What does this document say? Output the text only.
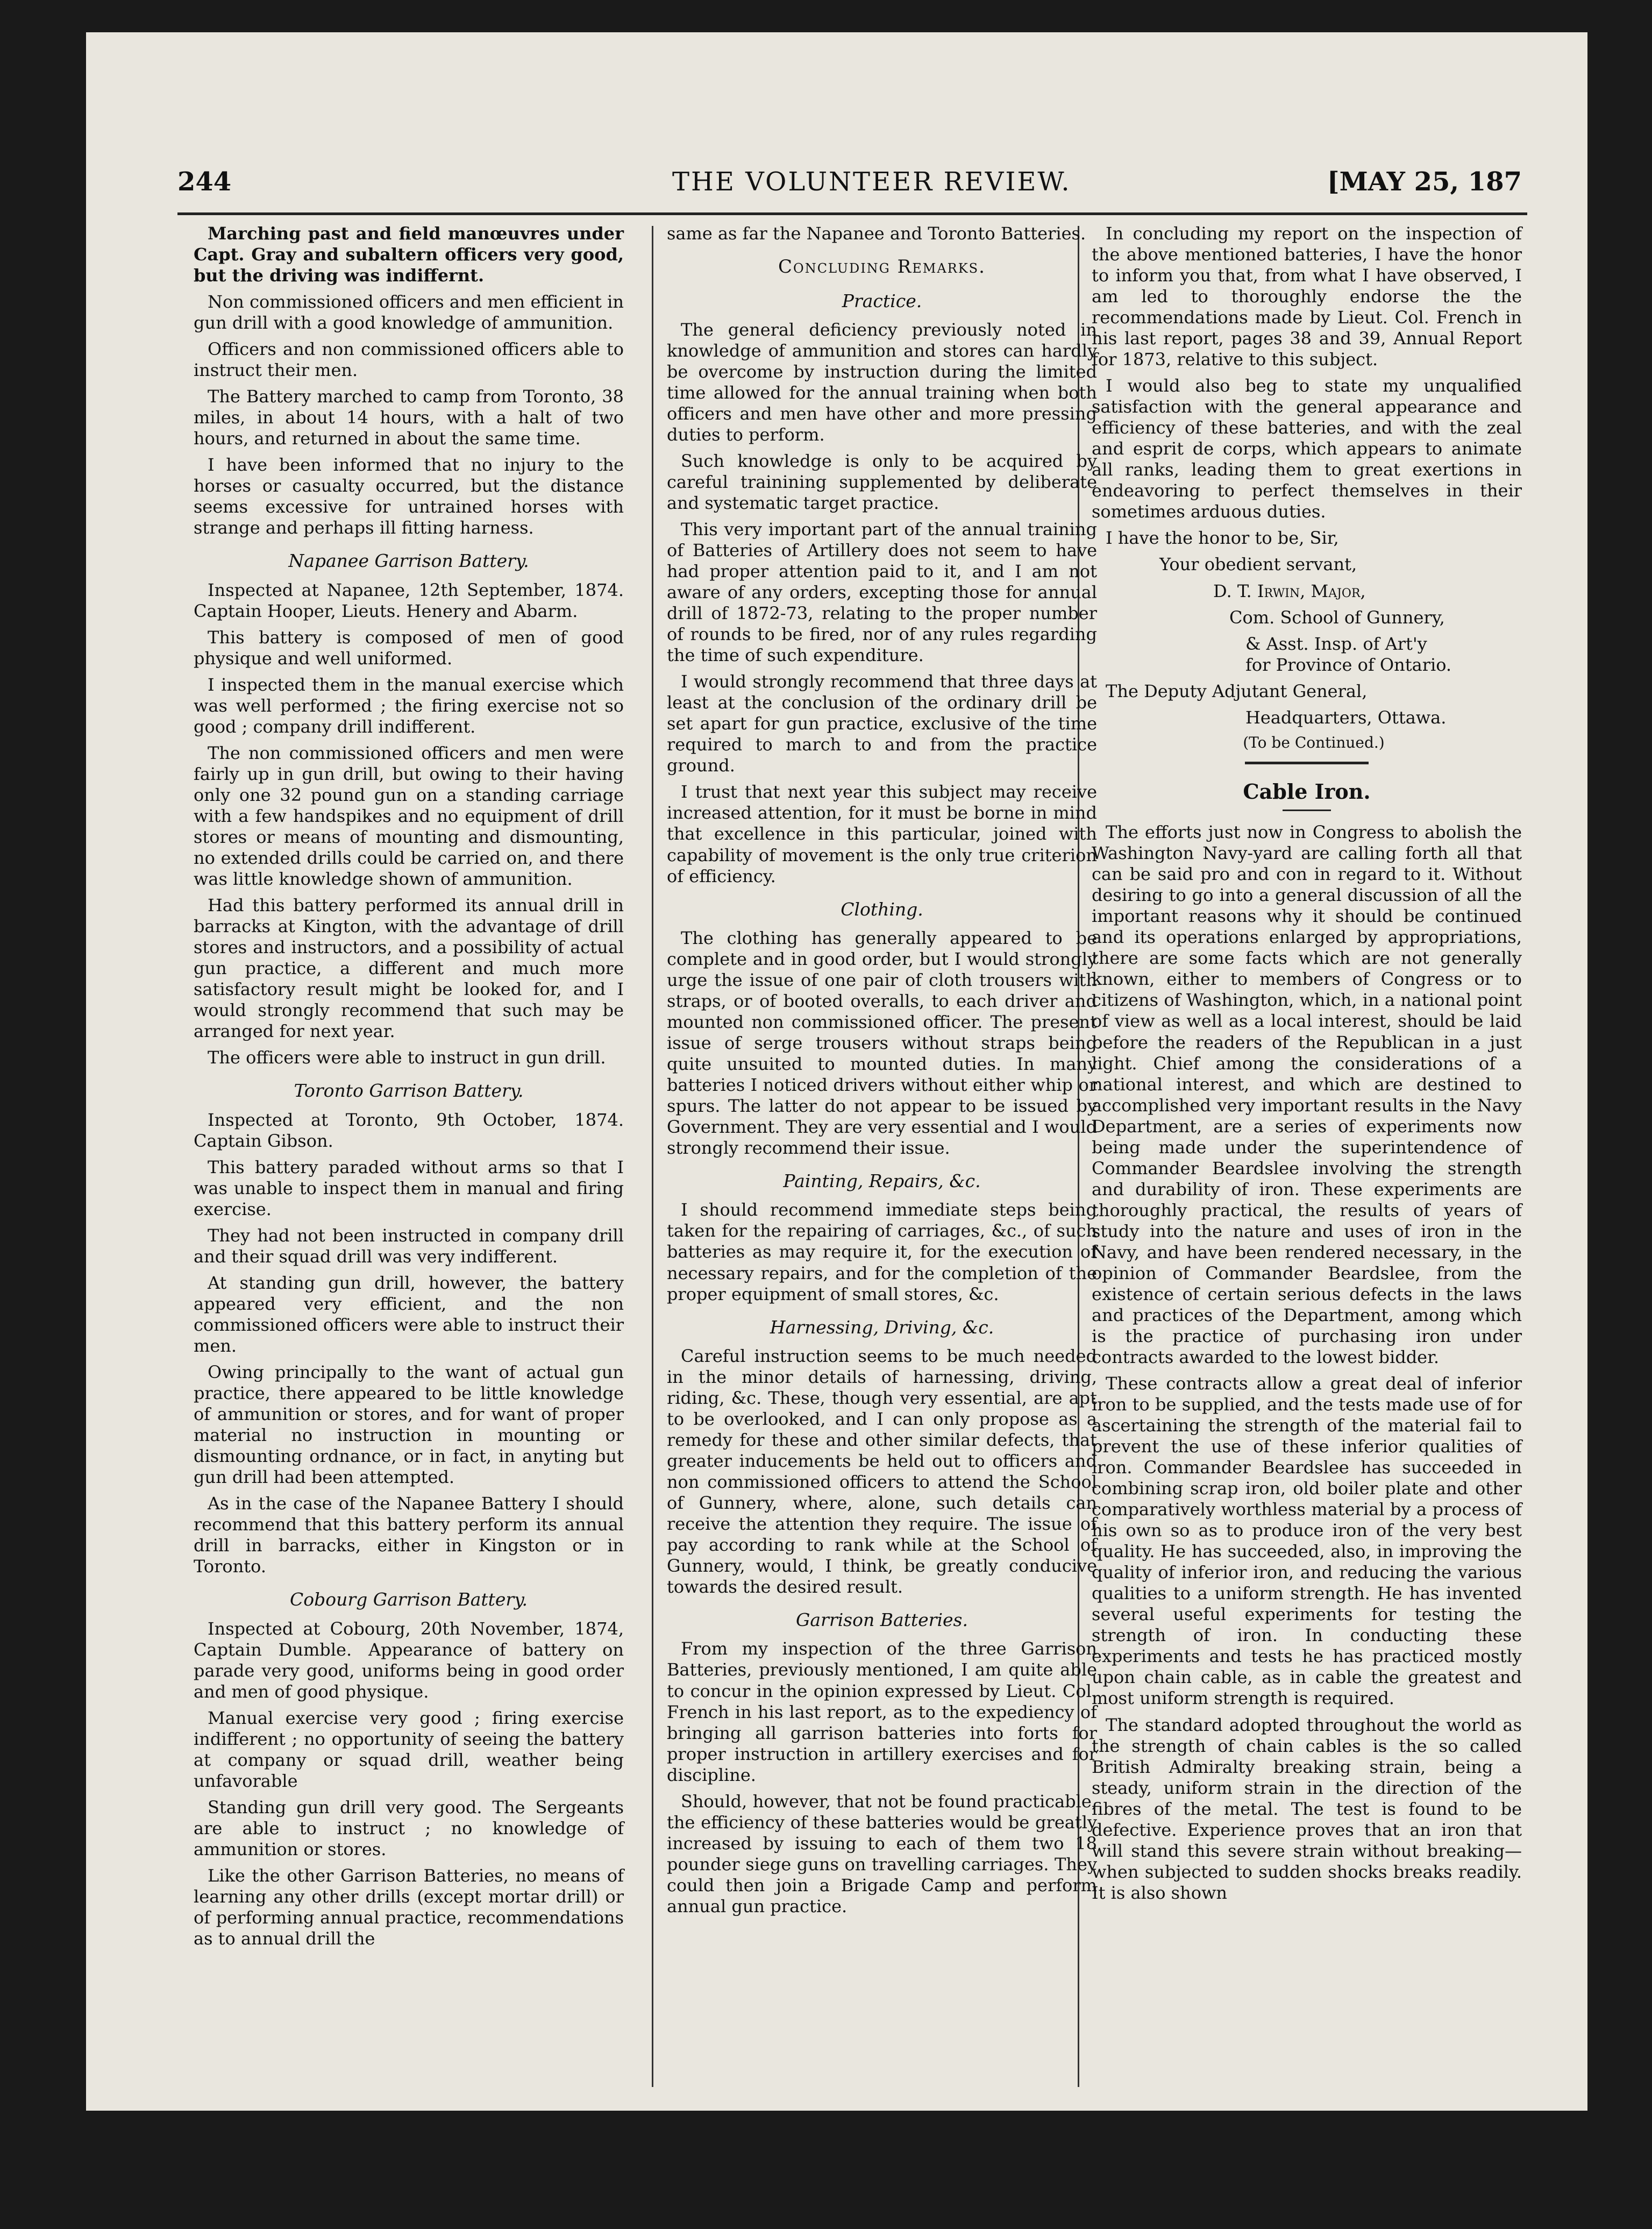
244	THE VOLUNTEER REVIEW.	[MAY 25, 187

Marching past and field manœuvres under Capt. Gray and subaltern officers very good, but the driving was indiffernt.

Non commissioned officers and men efficient in gun drill with a good knowledge of ammunition.

Officers and non commissioned officers able to instruct their men.

The Battery marched to camp from Toronto, 38 miles, in about 14 hours, with a halt of two hours, and returned in about the same time.

I have been informed that no injury to the horses or casualty occurred, but the distance seems excessive for untrained horses with strange and perhaps ill fitting harness.

Napanee Garrison Battery.

Inspected at Napanee, 12th September, 1874. Captain Hooper, Lieuts. Henery and Abarm.

This battery is composed of men of good physique and well uniformed.

I inspected them in the manual exercise which was well performed ; the firing exercise not so good ; company drill indifferent.

The non commissioned officers and men were fairly up in gun drill, but owing to their having only one 32 pound gun on a standing carriage with a few handspikes and no equipment of drill stores or means of mounting and dismounting, no extended drills could be carried on, and there was little knowledge shown of ammunition.

Had this battery performed its annual drill in barracks at Kington, with the advantage of drill stores and instructors, and a possibility of actual gun practice, a different and much more satisfactory result might be looked for, and I would strongly recommend that such may be arranged for next year.

The officers were able to instruct in gun drill.

Toronto Garrison Battery.

Inspected at Toronto, 9th October, 1874. Captain Gibson.

This battery paraded without arms so that I was unable to inspect them in manual and firing exercise.

They had not been instructed in company drill and their squad drill was very indifferent.

At standing gun drill, however, the battery appeared very efficient, and the non commissioned officers were able to instruct their men.

Owing principally to the want of actual gun practice, there appeared to be little knowledge of ammunition or stores, and for want of proper material no instruction in mounting or dismounting ordnance, or in fact, in anyting but gun drill had been attempted.

As in the case of the Napanee Battery I should recommend that this battery perform its annual drill in barracks, either in Kingston or in Toronto.

Cobourg Garrison Battery.

Inspected at Cobourg, 20th November, 1874, Captain Dumble. Appearance of battery on parade very good, uniforms being in good order and men of good physique.

Manual exercise very good ; firing exercise indifferent ; no opportunity of seeing the battery at company or squad drill, weather being unfavorable

Standing gun drill very good. The Sergeants are able to instruct ; no knowledge of ammunition or stores.

Like the other Garrison Batteries, no means of learning any other drills (except mortar drill) or of performing annual practice, recommendations as to annual drill the

same as far the Napanee and Toronto Batteries.

Concluding Remarks.
Practice.

The general deficiency previously noted in knowledge of ammunition and stores can hardly be overcome by instruction during the limited time allowed for the annual training when both officers and men have other and more pressing duties to perform.

Such knowledge is only to be acquired by careful trainining supplemented by deliberate and systematic target practice.

This very important part of the annual training of Batteries of Artillery does not seem to have had proper attention paid to it, and I am not aware of any orders, excepting those for annual drill of 1872-73, relating to the proper number of rounds to be fired, nor of any rules regarding the time of such expenditure.

I would strongly recommend that three days at least at the conclusion of the ordinary drill be set apart for gun practice, exclusive of the time required to march to and from the practice ground.

I trust that next year this subject may receive increased attention, for it must be borne in mind that excellence in this particular, joined with capability of movement is the only true criterion of efficiency.

Clothing.

The clothing has generally appeared to be complete and in good order, but I would strongly urge the issue of one pair of cloth trousers with straps, or of booted overalls, to each driver and mounted non commissioned officer. The present issue of serge trousers without straps being quite unsuited to mounted duties. In many batteries I noticed drivers without either whip or spurs. The latter do not appear to be issued by Government. They are very essential and I would strongly recommend their issue.

Painting, Repairs, &c.

I should recommend immediate steps being taken for the repairing of carriages, &c., of such batteries as may require it, for the execution of necessary repairs, and for the completion of the proper equipment of small stores, &c.

Harnessing, Driving, &c.

Careful instruction seems to be much needed in the minor details of harnessing, driving, riding, &c. These, though very essential, are apt to be overlooked, and I can only propose as a remedy for these and other similar defects, that greater inducements be held out to officers and non commissioned officers to attend the School of Gunnery, where, alone, such details can receive the attention they require. The issue of pay according to rank while at the School of Gunnery, would, I think, be greatly conducive towards the desired result.

Garrison Batteries.

From my inspection of the three Garrison Batteries, previously mentioned, I am quite able to concur in the opinion expressed by Lieut. Col. French in his last report, as to the expediency of bringing all garrison batteries into forts for proper instruction in artillery exercises and for discipline.

Should, however, that not be found practicable, the efficiency of these batteries would be greatly increased by issuing to each of them two 18 pounder siege guns on travelling carriages. They could then join a Brigade Camp and perform annual gun practice.

In concluding my report on the inspection of the above mentioned batteries, I have the honor to inform you that, from what I have observed, I am led to thoroughly endorse the the recommendations made by Lieut. Col. French in his last report, pages 38 and 39, Annual Report for 1873, relative to this subject.

I would also beg to state my unqualified satisfaction with the general appearance and efficiency of these batteries, and with the zeal and esprit de corps, which appears to animate all ranks, leading them to great exertions in endeavoring to perfect themselves in their sometimes arduous duties.

I have the honor to be, Sir,

Your obedient servant,

D. T. Irwin, Major,

Com. School of Gunnery,

& Asst. Insp. of Art'y

for Province of Ontario.

The Deputy Adjutant General,

Headquarters, Ottawa.

(To be Continued.)

Cable Iron.

The efforts just now in Congress to abolish the Washington Navy-yard are calling forth all that can be said pro and con in regard to it. Without desiring to go into a general discussion of all the important reasons why it should be continued and its operations enlarged by appropriations, there are some facts which are not generally known, either to members of Congress or to citizens of Washington, which, in a national point of view as well as a local interest, should be laid before the readers of the Republican in a just light. Chief among the considerations of a national interest, and which are destined to accomplished very important results in the Navy Department, are a series of experiments now being made under the superintendence of Commander Beardslee involving the strength and durability of iron. These experiments are thoroughly practical, the results of years of study into the nature and uses of iron in the Navy, and have been rendered necessary, in the opinion of Commander Beardslee, from the existence of certain serious defects in the laws and practices of the Department, among which is the practice of purchasing iron under contracts awarded to the lowest bidder.

These contracts allow a great deal of inferior iron to be supplied, and the tests made use of for ascertaining the strength of the material fail to prevent the use of these inferior qualities of iron. Commander Beardslee has succeeded in combining scrap iron, old boiler plate and other comparatively worthless material by a process of his own so as to produce iron of the very best quality. He has succeeded, also, in improving the quality of inferior iron, and reducing the various qualities to a uniform strength. He has invented several useful experiments for testing the strength of iron. In conducting these experiments and tests he has practiced mostly upon chain cable, as in cable the greatest and most uniform strength is required.

The standard adopted throughout the world as the strength of chain cables is the so called British Admiralty breaking strain, being a steady, uniform strain in the direction of the fibres of the metal. The test is found to be defective. Experience proves that an iron that will stand this severe strain without breaking—when subjected to sudden shocks breaks readily. It is also shown
